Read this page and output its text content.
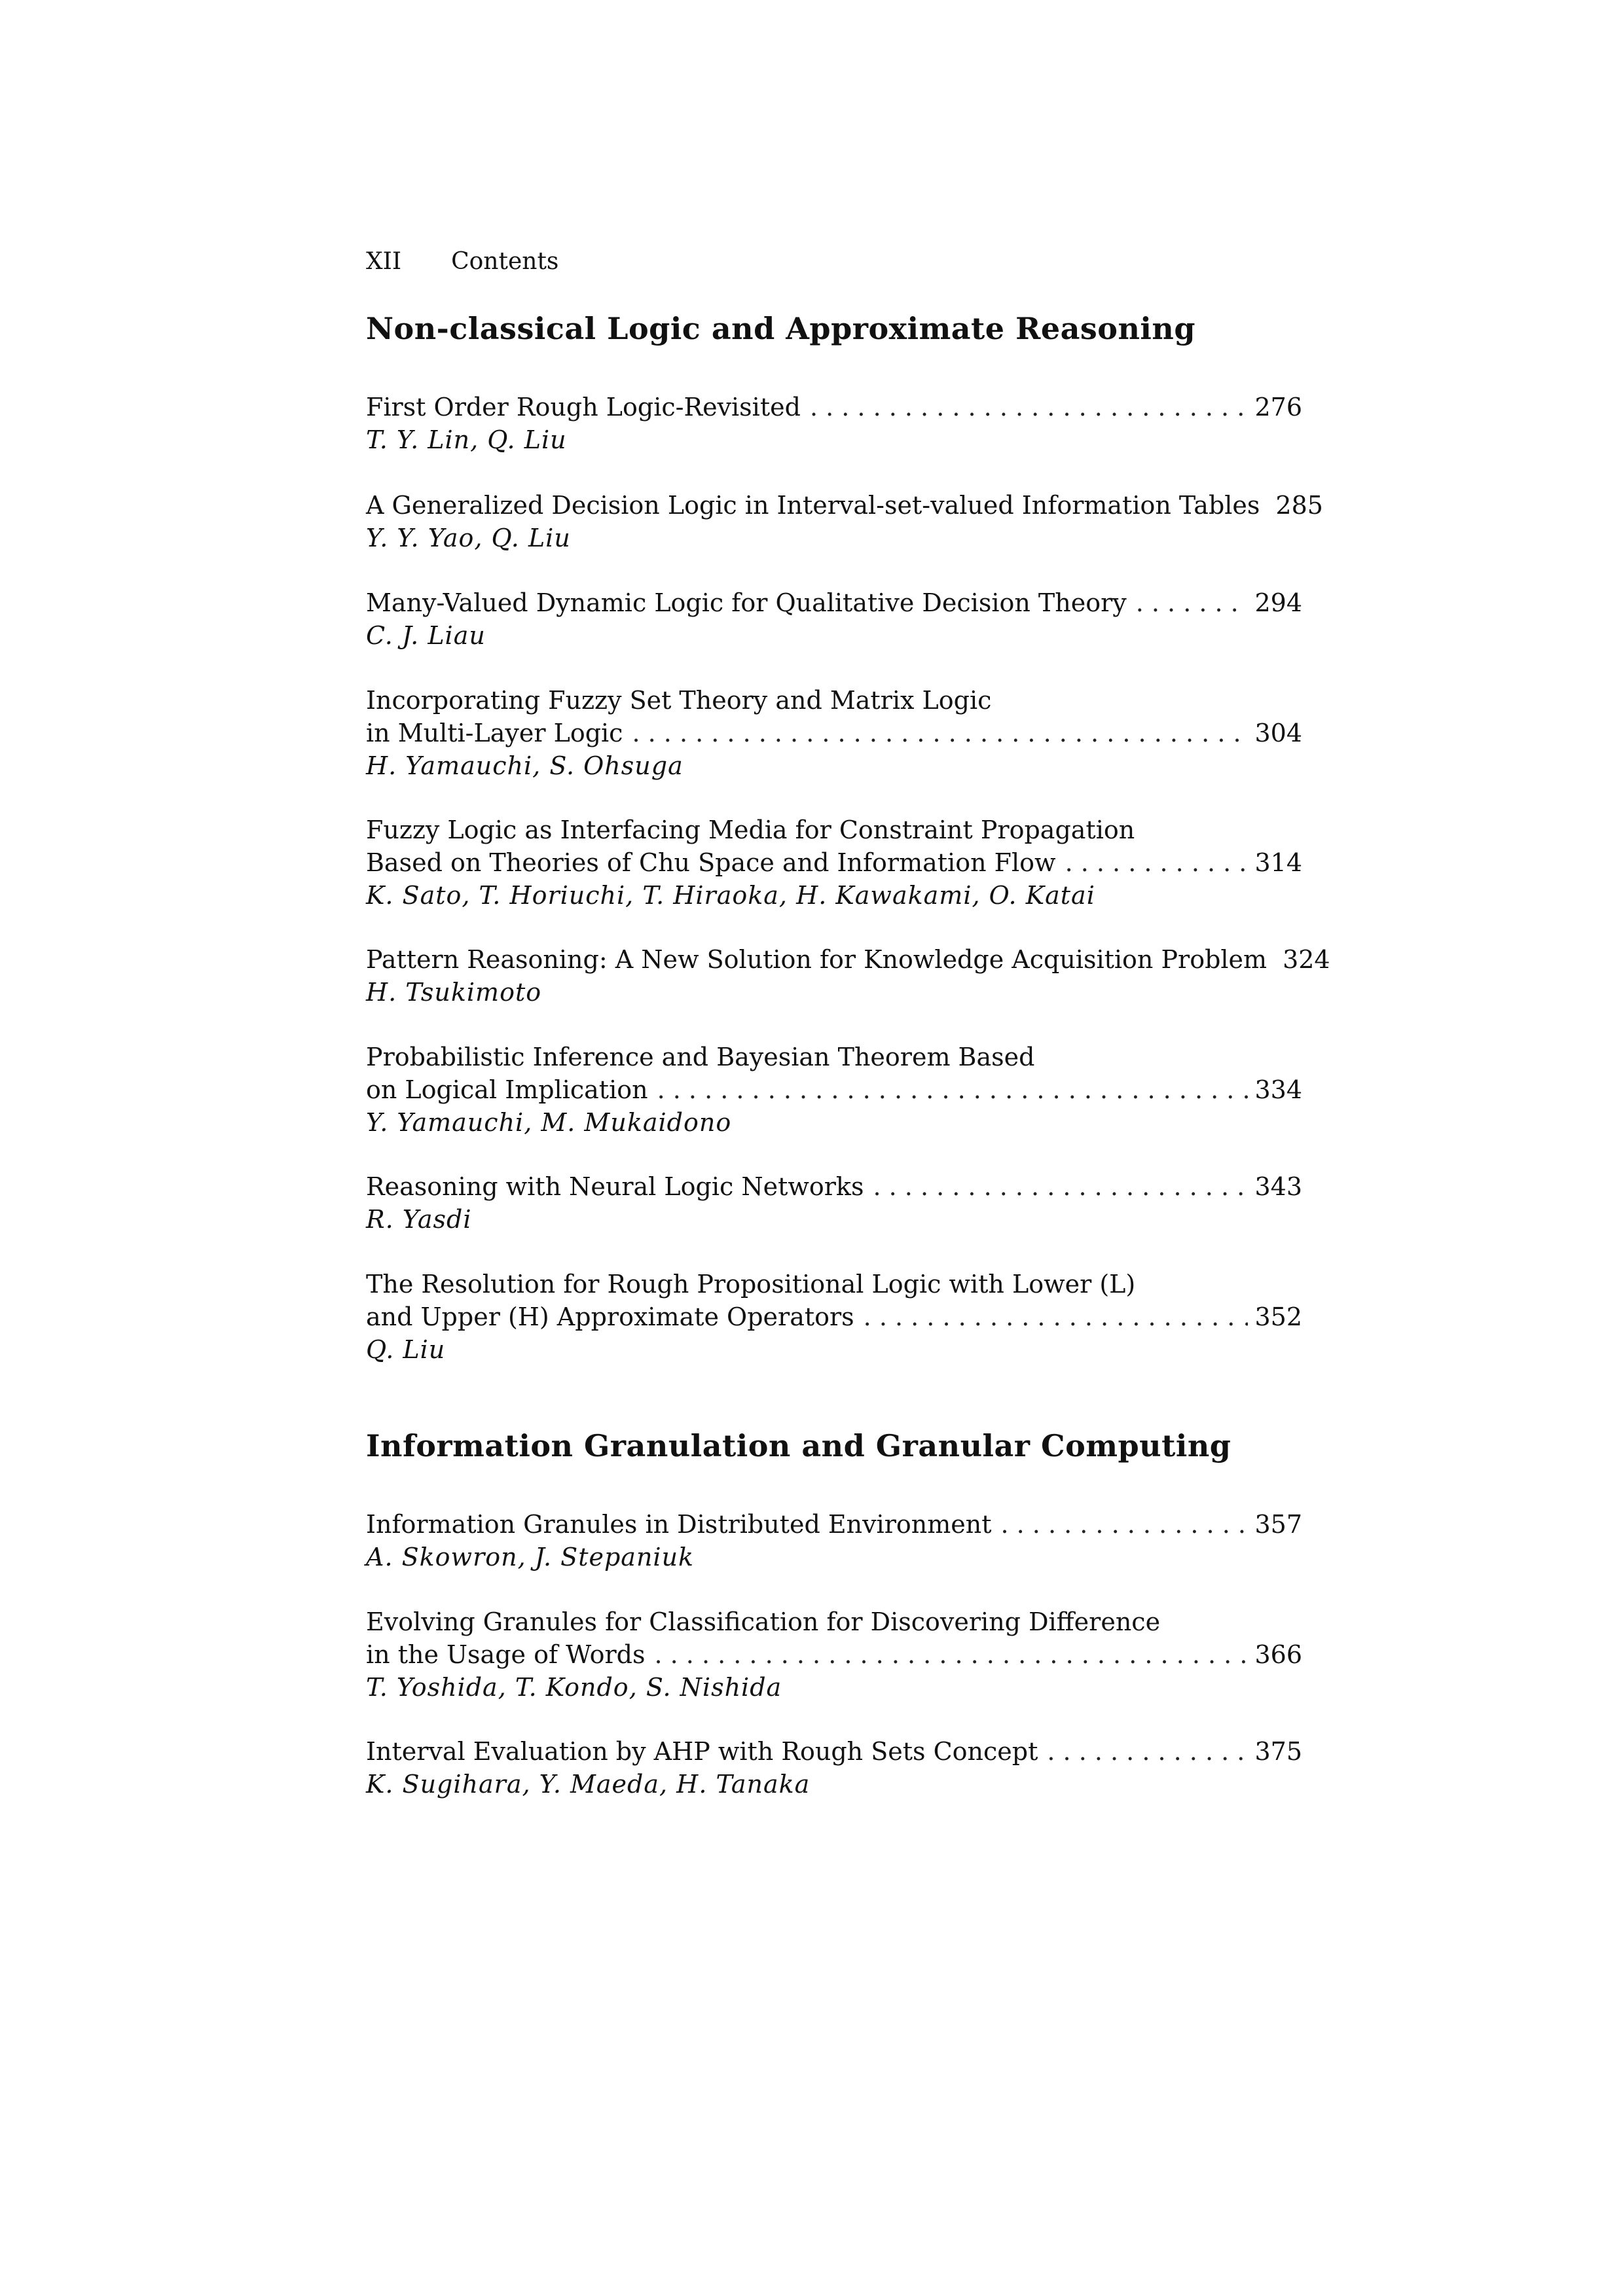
XII Contents
Non-classical Logic and Approximate Reasoning
First Order Rough Logic-Revisited . . .	276
T. Y. Lin, Q. Liu
A Generalized Decision Logic in Interval-set-valued Information Tables 285
Y. Y. Yao, Q. Liu
Many-Valued Dynamic Logic for Qualitative Decision Theory . . .	294
C. J. Liau
Incorporating Fuzzy Set Theory and Matrix Logic
in Multi-Layer Logic . . .	304
H. Yamauchi, S. Ohsuga
Fuzzy Logic as Interfacing Media for Constraint Propagation
Based on Theories of Chu Space and Information Flow . . .	314
K. Sato, T. Horiuchi, T. Hiraoka, H. Kawakami, O. Katai
Pattern Reasoning: A New Solution for Knowledge Acquisition Problem 324
H. Tsukimoto
Probabilistic Inference and Bayesian Theorem Based
on Logical Implication . . .	334
Y. Yamauchi, M. Mukaidono
Reasoning with Neural Logic Networks . . .	343
R. Yasdi
The Resolution for Rough Propositional Logic with Lower (L)
and Upper (H) Approximate Operators . . .	352
Q. Liu
Information Granulation and Granular Computing
Information Granules in Distributed Environment . . .	357
A. Skowron, J. Stepaniuk
Evolving Granules for Classification for Discovering Difference
in the Usage of Words . . .	366
T. Yoshida, T. Kondo, S. Nishida
Interval Evaluation by AHP with Rough Sets Concept . . .	375
K. Sugihara, Y. Maeda, H. Tanaka
